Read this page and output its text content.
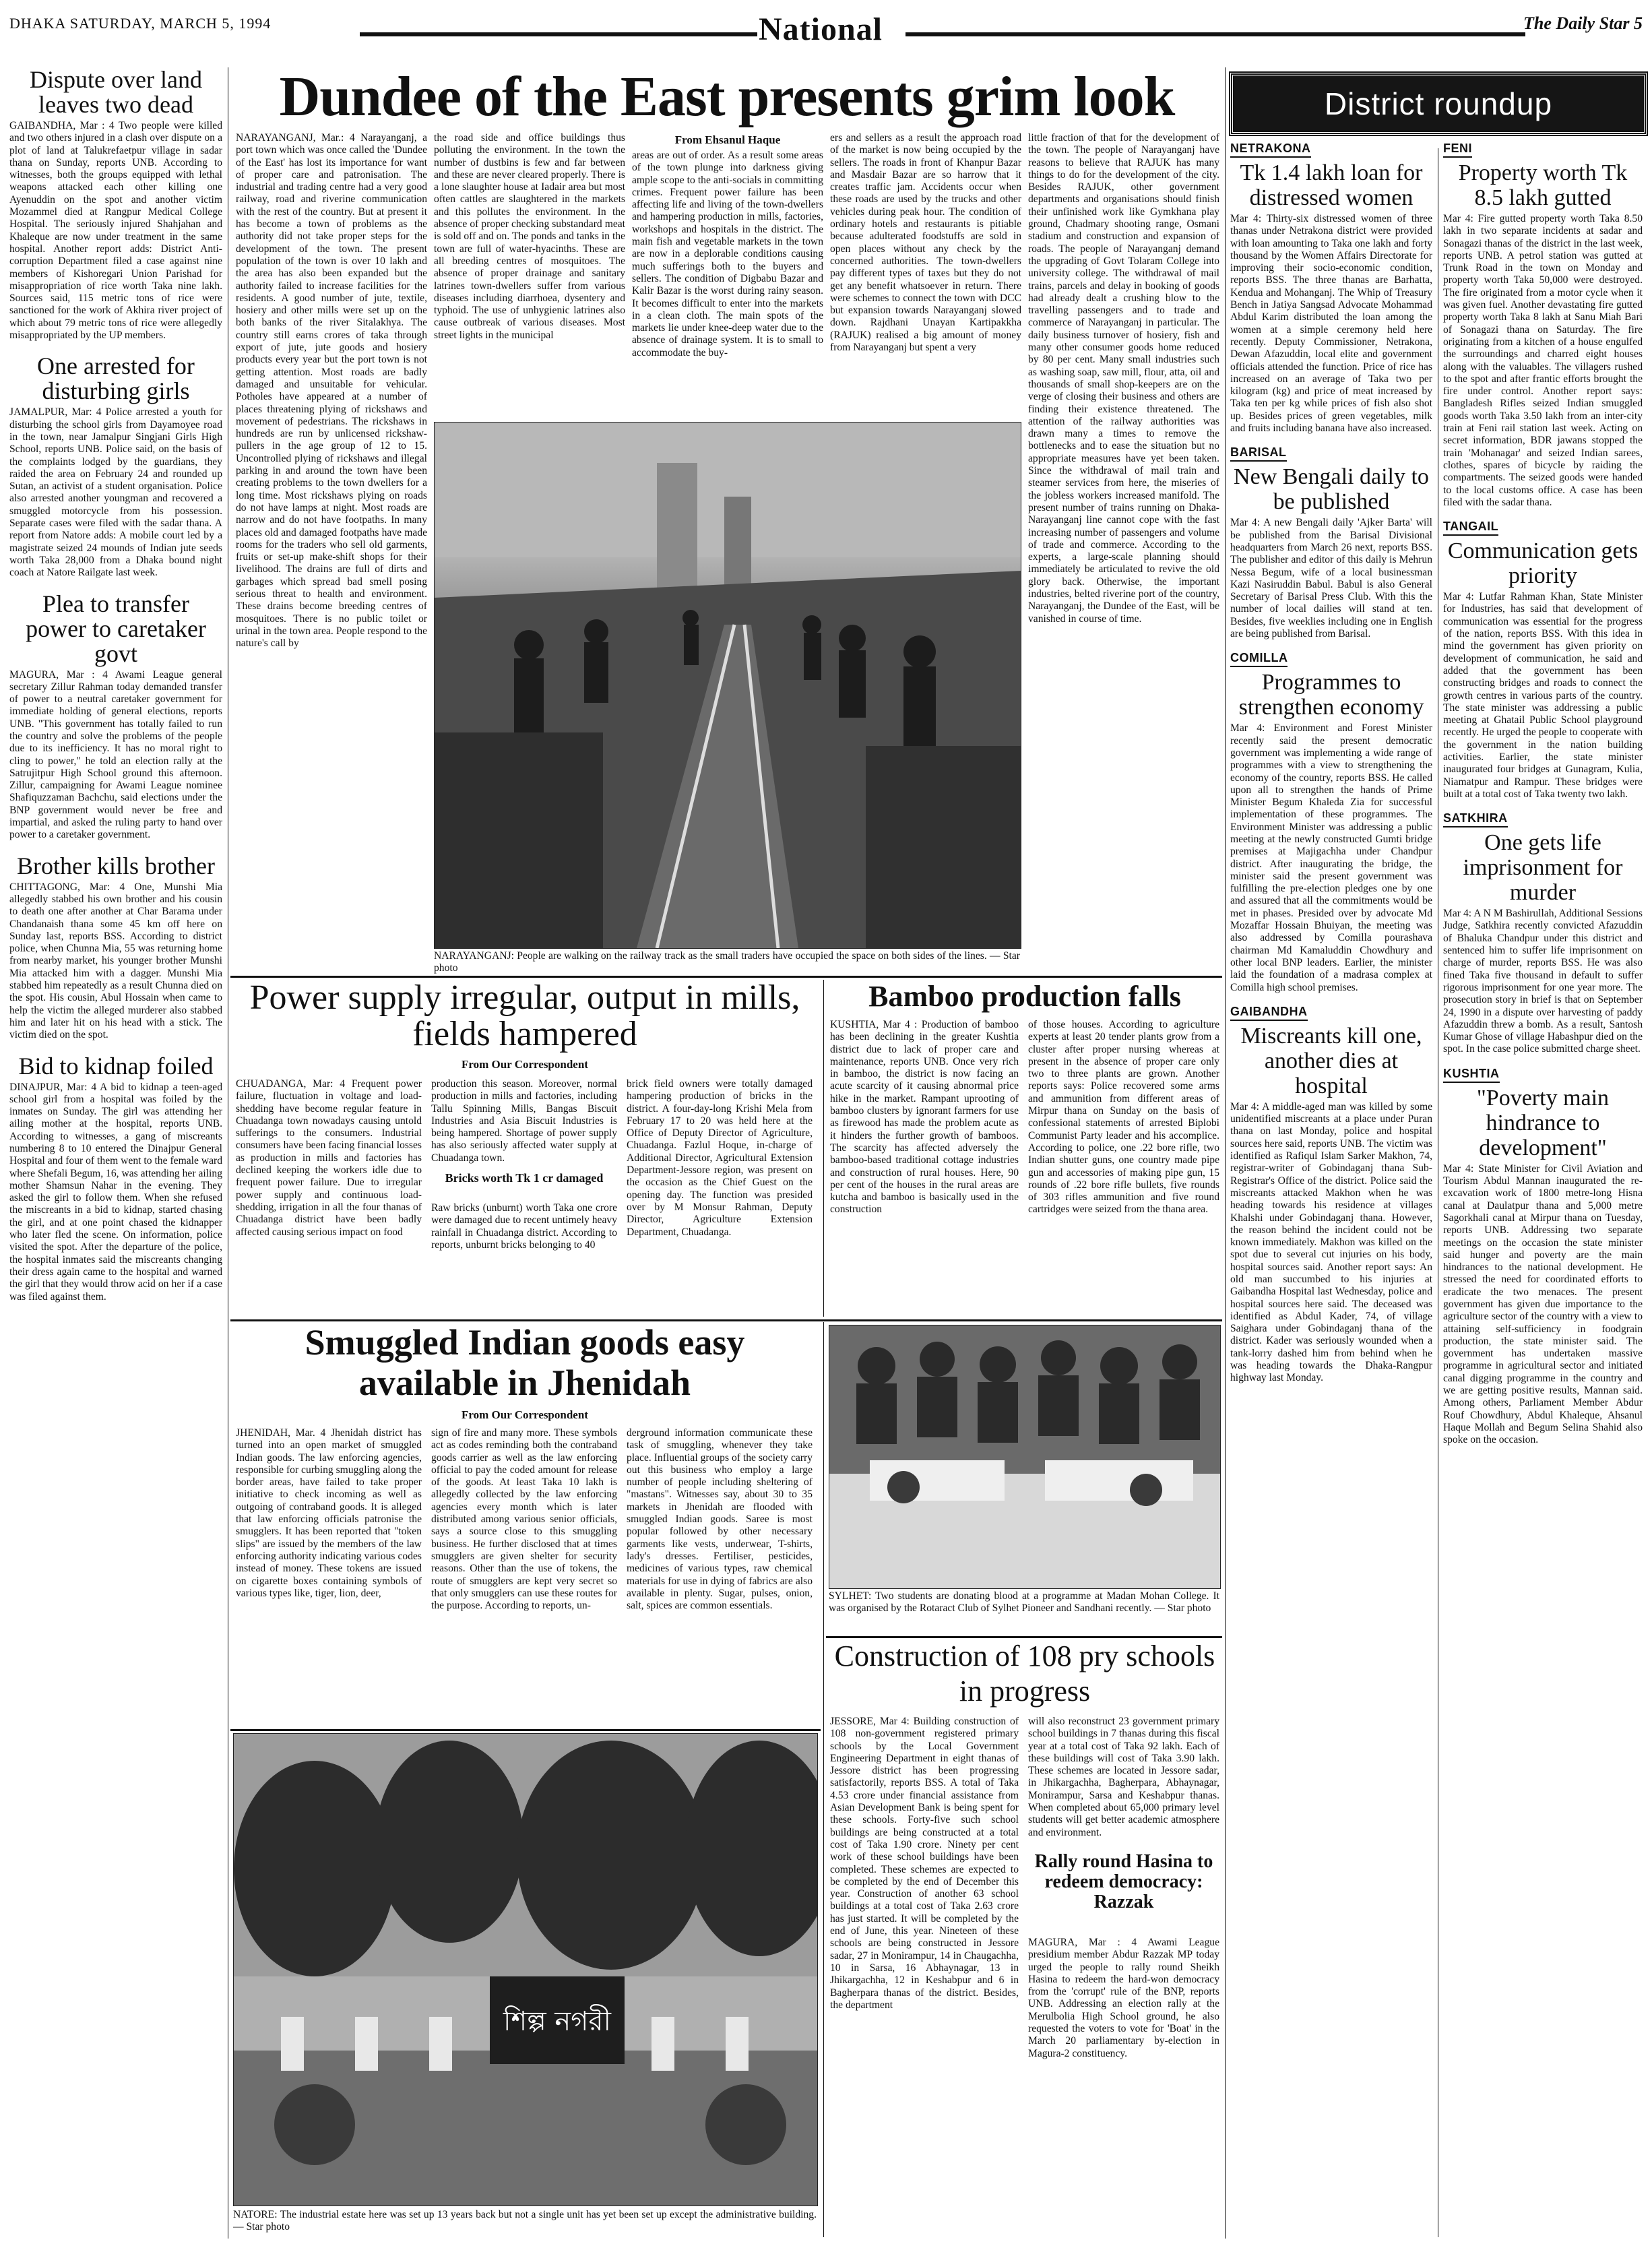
DHAKA SATURDAY, MARCH 5, 1994	National	The Daily Star 5
Dispute over land leaves two dead
GAIBANDHA, Mar : 4 Two people were killed and two others injured in a clash over dispute on a plot of land at Talukrefaetpur village in sadar thana on Sunday, reports UNB. According to witnesses, both the groups equipped with lethal weapons attacked each other killing one Ayenuddin on the spot and another victim Mozammel died at Rangpur Medical College Hospital. The seriously injured Shahjahan and Khaleque are now under treatment in the same hospital. Another report adds: District Anti-corruption Department filed a case against nine members of Kishoregari Union Parishad for misappropriation of rice worth Taka nine lakh. Sources said, 115 metric tons of rice were sanctioned for the work of Akhira river project of which about 79 metric tons of rice were allegedly misappropriated by the UP members.
One arrested for disturbing girls
JAMALPUR, Mar: 4 Police arrested a youth for disturbing the school girls from Dayamoyee road in the town, near Jamalpur Singjani Girls High School, reports UNB. Police said, on the basis of the complaints lodged by the guardians, they raided the area on February 24 and rounded up Sutan, an activist of a student organisation. Police also arrested another youngman and recovered a smuggled motorcycle from his possession. Separate cases were filed with the sadar thana. A report from Natore adds: A mobile court led by a magistrate seized 24 mounds of Indian jute seeds worth Taka 28,000 from a Dhaka bound night coach at Natore Railgate last week.
Plea to transfer power to caretaker govt
MAGURA, Mar : 4 Awami League general secretary Zillur Rahman today demanded transfer of power to a neutral caretaker government for immediate holding of general elections, reports UNB. "This government has totally failed to run the country and solve the problems of the people due to its inefficiency. It has no moral right to cling to power," he told an election rally at the Satrujitpur High School ground this afternoon. Zillur, campaigning for Awami League nominee Shafiquzzaman Bachchu, said elections under the BNP government would never be free and impartial, and asked the ruling party to hand over power to a caretaker government.
Brother kills brother
CHITTAGONG, Mar: 4 One, Munshi Mia allegedly stabbed his own brother and his cousin to death one after another at Char Barama under Chandanaish thana some 45 km off here on Sunday last, reports BSS. According to district police, when Chunna Mia, 55 was returning home from nearby market, his younger brother Munshi Mia attacked him with a dagger. Munshi Mia stabbed him repeatedly as a result Chunna died on the spot. His cousin, Abul Hossain when came to help the victim the alleged murderer also stabbed him and later hit on his head with a stick. The victim died on the spot.
Bid to kidnap foiled
DINAJPUR, Mar: 4 A bid to kidnap a teen-aged school girl from a hospital was foiled by the inmates on Sunday. The girl was attending her ailing mother at the hospital, reports UNB. According to witnesses, a gang of miscreants numbering 8 to 10 entered the Dinajpur General Hospital and four of them went to the female ward where Shefali Begum, 16, was attending her ailing mother Shamsun Nahar in the evening. They asked the girl to follow them. When she refused the miscreants in a bid to kidnap, started chasing the girl, and at one point chased the kidnapper who later fled the scene. On information, police visited the spot. After the departure of the police, the hospital inmates said the miscreants changing their dress again came to the hospital and warned the girl that they would throw acid on her if a case was filed against them.
Dundee of the East presents grim look
NARAYANGANJ, Mar.: 4 Narayanganj, a port town which was once called the 'Dundee of the East' has lost its importance for want of proper care and patronisation. The industrial and trading centre had a very good railway, road and riverine communication with the rest of the country. But at present it has become a town of problems as the authority did not take proper steps for the development of the town. The present population of the town is over 10 lakh and the area has also been expanded but the authority failed to increase facilities for the residents. A good number of jute, textile, hosiery and other mills were set up on the both banks of the river Sitalakhya. The country still earns crores of taka through export of jute, jute goods and hosiery products every year but the port town is not getting attention. Most roads are badly damaged and unsuitable for vehicular. Potholes have appeared at a number of places threatening plying of rickshaws and movement of pedestrians. The rickshaws in hundreds are run by unlicensed rickshaw-pullers in the age group of 12 to 15. Uncontrolled plying of rickshaws and illegal parking in and around the town have been creating problems to the town dwellers for a long time. Most rickshaws plying on roads do not have lamps at night. Most roads are narrow and do not have footpaths. In many places old and damaged footpaths have made rooms for the traders who sell old garments, fruits or set-up make-shift shops for their livelihood. The drains are full of dirts and garbages which spread bad smell posing serious threat to health and environment. These drains become breeding centres of mosquitoes. There is no public toilet or urinal in the town area. People respond to the nature's call by
the road side and office buildings thus polluting the environment. In the town the number of dustbins is few and far between and these are never cleared properly. There is a lone slaughter house at Iadair area but most often cattles are slaughtered in the markets and this pollutes the environment. In the absence of proper checking substandard meat is sold off and on. The ponds and tanks in the town are full of water-hyacinths. These are all breeding centres of mosquitoes. The absence of proper drainage and sanitary latrines town-dwellers suffer from various diseases including diarrhoea, dysentery and typhoid. The use of unhygienic latrines also cause outbreak of various diseases. Most street lights in the municipal
From Ehsanul Haque
areas are out of order. As a result some areas of the town plunge into darkness giving ample scope to the anti-socials in committing crimes. Frequent power failure has been affecting life and living of the town-dwellers and hampering production in mills, factories, workshops and hospitals in the district. The main fish and vegetable markets in the town are now in a deplorable conditions causing much sufferings both to the buyers and sellers. The condition of Digbabu Bazar and Kalir Bazar is the worst during rainy season. It becomes difficult to enter into the markets in a clean cloth. The main spots of the markets lie under knee-deep water due to the absence of drainage system. It is to small to accommodate the buy-
ers and sellers as a result the approach road of the market is now being occupied by the sellers. The roads in front of Khanpur Bazar and Masdair Bazar are so harrow that it creates traffic jam. Accidents occur when these roads are used by the trucks and other vehicles during peak hour. The condition of ordinary hotels and restaurants is pitiable because adulterated foodstuffs are sold in open places without any check by the concerned authorities. The town-dwellers pay different types of taxes but they do not get any benefit whatsoever in return. There were schemes to connect the town with DCC but expansion towards Narayanganj slowed down. Rajdhani Unayan Kartipakkha (RAJUK) realised a big amount of money from Narayanganj but spent a very
little fraction of that for the development of the town. The people of Narayanganj have reasons to believe that RAJUK has many things to do for the development of the city. Besides RAJUK, other government departments and organisations should finish their unfinished work like Gymkhana play ground, Chadmary shooting range, Osmani stadium and construction and expansion of roads. The people of Narayanganj demand the upgrading of Govt Tolaram College into university college. The withdrawal of mail trains, parcels and delay in booking of goods had already dealt a crushing blow to the travelling passengers and to trade and commerce of Narayanganj in particular. The daily business turnover of hosiery, fish and many other consumer goods home reduced by 80 per cent. Many small industries such as washing soap, saw mill, flour, atta, oil and thousands of small shop-keepers are on the verge of closing their business and others are finding their existence threatened. The attention of the railway authorities was drawn many a times to remove the bottlenecks and to ease the situation but no appropriate measures have yet been taken. Since the withdrawal of mail train and steamer services from here, the miseries of the jobless workers increased manifold. The present number of trains running on Dhaka-Narayanganj line cannot cope with the fast increasing number of passengers and volume of trade and commerce. According to the experts, a large-scale planning should immediately be articulated to revive the old glory back. Otherwise, the important industries, belted riverine port of the country, Narayanganj, the Dundee of the East, will be vanished in course of time.
NARAYANGANJ: People are walking on the railway track as the small traders have occupied the space on both sides of the lines. — Star photo
Power supply irregular, output in mills, fields hampered
From Our Correspondent
CHUADANGA, Mar: 4 Frequent power failure, fluctuation in voltage and load-shedding have become regular feature in Chuadanga town nowadays causing untold sufferings to the consumers. Industrial consumers have been facing financial losses as production in mills and factories has declined keeping the workers idle due to frequent power failure. Due to irregular power supply and continuous load-shedding, irrigation in all the four thanas of Chuadanga district have been badly affected causing serious impact on food
production this season. Moreover, normal production in mills and factories, including Tallu Spinning Mills, Bangas Biscuit Industries and Asia Biscuit Industries is being hampered. Shortage of power supply has also seriously affected water supply at Chuadanga town.
Bricks worth Tk 1 cr damaged
Raw bricks (unburnt) worth Taka one crore were damaged due to recent untimely heavy rainfall in Chuadanga district. According to reports, unburnt bricks belonging to 40
brick field owners were totally damaged hampering production of bricks in the district. A four-day-long Krishi Mela from February 17 to 20 was held here at the Office of Deputy Director of Agriculture, Chuadanga. Fazlul Hoque, in-charge of Additional Director, Agricultural Extension Department-Jessore region, was present on the occasion as the Chief Guest on the opening day. The function was presided over by M Monsur Rahman, Deputy Director, Agriculture Extension Department, Chuadanga.
Bamboo production falls
KUSHTIA, Mar 4 : Production of bamboo has been declining in the greater Kushtia district due to lack of proper care and maintenance, reports UNB. Once very rich in bamboo, the district is now facing an acute scarcity of it causing abnormal price hike in the market. Rampant uprooting of bamboo clusters by ignorant farmers for use as firewood has made the problem acute as it hinders the further growth of bamboos. The scarcity has affected adversely the bamboo-based traditional cottage industries and construction of rural houses. Here, 90 per cent of the houses in the rural areas are kutcha and bamboo is basically used in the construction
of those houses. According to agriculture experts at least 20 tender plants grow from a cluster after proper nursing whereas at present in the absence of proper care only two to three plants are grown. Another reports says: Police recovered some arms and ammunition from different areas of Mirpur thana on Sunday on the basis of confessional statements of arrested Biplobi Communist Party leader and his accomplice. According to police, one .22 bore rifle, two Indian shutter guns, one country made pipe gun and accessories of making pipe gun, 15 rounds of .22 bore rifle bullets, five rounds of 303 rifles ammunition and five round cartridges were seized from the thana area.
Smuggled Indian goods easy available in Jhenidah
From Our Correspondent
JHENIDAH, Mar. 4 Jhenidah district has turned into an open market of smuggled Indian goods. The law enforcing agencies, responsible for curbing smuggling along the border areas, have failed to take proper initiative to check incoming as well as outgoing of contraband goods. It is alleged that law enforcing officials patronise the smugglers. It has been reported that "token slips" are issued by the members of the law enforcing authority indicating various codes instead of money. These tokens are issued on cigarette boxes containing symbols of various types like, tiger, lion, deer,
sign of fire and many more. These symbols act as codes reminding both the contraband goods carrier as well as the law enforcing official to pay the coded amount for release of the goods. At least Taka 10 lakh is allegedly collected by the law enforcing agencies every month which is later distributed among various senior officials, says a source close to this smuggling business. He further disclosed that at times smugglers are given shelter for security reasons. Other than the use of tokens, the route of smugglers are kept very secret so that only smugglers can use these routes for the purpose. According to reports, un-
derground information communicate these task of smuggling, whenever they take place. Influential groups of the society carry out this business who employ a large number of people including sheltering of "mastans". Witnesses say, about 30 to 35 markets in Jhenidah are flooded with smuggled Indian goods. Saree is most popular followed by other necessary garments like vests, underwear, T-shirts, lady's dresses. Fertiliser, pesticides, medicines of various types, raw chemical materials for use in dying of fabrics are also available in plenty. Sugar, pulses, onion, salt, spices are common essentials.
SYLHET: Two students are donating blood at a programme at Madan Mohan College. It was organised by the Rotaract Club of Sylhet Pioneer and Sandhani recently. — Star photo
Construction of 108 pry schools in progress
JESSORE, Mar 4: Building construction of 108 non-government registered primary schools by the Local Government Engineering Department in eight thanas of Jessore district has been progressing satisfactorily, reports BSS. A total of Taka 4.53 crore under financial assistance from Asian Development Bank is being spent for these schools. Forty-five such school buildings are being constructed at a total cost of Taka 1.90 crore. Ninety per cent work of these school buildings have been completed. These schemes are expected to be completed by the end of December this year. Construction of another 63 school buildings at a total cost of Taka 2.63 crore has just started. It will be completed by the end of June, this year. Nineteen of these schools are being constructed in Jessore sadar, 27 in Monirampur, 14 in Chaugachha, 10 in Sarsa, 16 Abhaynagar, 13 in Jhikargachha, 12 in Keshabpur and 6 in Bagherpara thanas of the district. Besides, the department
will also reconstruct 23 government primary school buildings in 7 thanas during this fiscal year at a total cost of Taka 92 lakh. Each of these buildings will cost of Taka 3.90 lakh. These schemes are located in Jessore sadar, in Jhikargachha, Bagherpara, Abhaynagar, Monirampur, Sarsa and Keshabpur thanas. When completed about 65,000 primary level students will get better academic atmosphere and environment.
Rally round Hasina to redeem democracy: Razzak
MAGURA, Mar : 4 Awami League presidium member Abdur Razzak MP today urged the people to rally round Sheikh Hasina to redeem the hard-won democracy from the 'corrupt' rule of the BNP, reports UNB. Addressing an election rally at the Merulbolia High School ground, he also requested the voters to vote for 'Boat' in the March 20 parliamentary by-election in Magura-2 constituency.
শিল্প নগরী
NATORE: The industrial estate here was set up 13 years back but not a single unit has yet been set up except the administrative building. — Star photo
District roundup
NETRAKONA
Tk 1.4 lakh loan for distressed women
Mar 4: Thirty-six distressed women of three thanas under Netrakona district were provided with loan amounting to Taka one lakh and forty thousand by the Women Affairs Directorate for improving their socio-economic condition, reports BSS. The three thanas are Barhatta, Kendua and Mohanganj. The Whip of Treasury Bench in Jatiya Sangsad Advocate Mohammad Abdul Karim distributed the loan among the women at a simple ceremony held here recently. Deputy Commissioner, Netrakona, Dewan Afazuddin, local elite and government officials attended the function. Price of rice has increased on an average of Taka two per kilogram (kg) and price of meat increased by Taka ten per kg while prices of fish also shot up. Besides prices of green vegetables, milk and fruits including banana have also increased.
BARISAL
New Bengali daily to be published
Mar 4: A new Bengali daily 'Ajker Barta' will be published from the Barisal Divisional headquarters from March 26 next, reports BSS. The publisher and editor of this daily is Mehrun Nessa Begum, wife of a local businessman Kazi Nasiruddin Babul. Babul is also General Secretary of Barisal Press Club. With this the number of local dailies will stand at ten. Besides, five weeklies including one in English are being published from Barisal.
COMILLA
Programmes to strengthen economy
Mar 4: Environment and Forest Minister recently said the present democratic government was implementing a wide range of programmes with a view to strengthening the economy of the country, reports BSS. He called upon all to strengthen the hands of Prime Minister Begum Khaleda Zia for successful implementation of these programmes. The Environment Minister was addressing a public meeting at the newly constructed Gumti bridge premises at Majigachha under Chandpur district. After inaugurating the bridge, the minister said the present government was fulfilling the pre-election pledges one by one and assured that all the commitments would be met in phases. Presided over by advocate Md Mozaffar Hossain Bhuiyan, the meeting was also addressed by Comilla pourashava chairman Md Kamaluddin Chowdhury and other local BNP leaders. Earlier, the minister laid the foundation of a madrasa complex at Comilla high school premises.
GAIBANDHA
Miscreants kill one, another dies at hospital
Mar 4: A middle-aged man was killed by some unidentified miscreants at a place under Puran thana on last Monday, police and hospital sources here said, reports UNB. The victim was identified as Rafiqul Islam Sarker Makhon, 74, registrar-writer of Gobindaganj thana Sub-Registrar's Office of the district. Police said the miscreants attacked Makhon when he was heading towards his residence at villages Khalshi under Gobindaganj thana. However, the reason behind the incident could not be known immediately. Makhon was killed on the spot due to several cut injuries on his body, hospital sources said. Another report says: An old man succumbed to his injuries at Gaibandha Hospital last Wednesday, police and hospital sources here said. The deceased was identified as Abdul Kader, 74, of village Saighara under Gobindaganj thana of the district. Kader was seriously wounded when a tank-lorry dashed him from behind when he was heading towards the Dhaka-Rangpur highway last Monday.
FENI
Property worth Tk 8.5 lakh gutted
Mar 4: Fire gutted property worth Taka 8.50 lakh in two separate incidents at sadar and Sonagazi thanas of the district in the last week, reports UNB. A petrol station was gutted at Trunk Road in the town on Monday and property worth Taka 50,000 were destroyed. The fire originated from a motor cycle when it was given fuel. Another devastating fire gutted property worth Taka 8 lakh at Sanu Miah Bari of Sonagazi thana on Saturday. The fire originating from a kitchen of a house engulfed the surroundings and charred eight houses along with the valuables. The villagers rushed to the spot and after frantic efforts brought the fire under control. Another report says: Bangladesh Rifles seized Indian smuggled goods worth Taka 3.50 lakh from an inter-city train at Feni rail station last week. Acting on secret information, BDR jawans stopped the train 'Mohanagar' and seized Indian sarees, clothes, spares of bicycle by raiding the compartments. The seized goods were handed to the local customs office. A case has been filed with the sadar thana.
TANGAIL
Communication gets priority
Mar 4: Lutfar Rahman Khan, State Minister for Industries, has said that development of communication was essential for the progress of the nation, reports BSS. With this idea in mind the government has given priority on development of communication, he said and added that the government has been constructing bridges and roads to connect the growth centres in various parts of the country. The state minister was addressing a public meeting at Ghatail Public School playground recently. He urged the people to cooperate with the government in the nation building activities. Earlier, the state minister inaugurated four bridges at Gunagram, Kulia, Niamatpur and Rampur. These bridges were built at a total cost of Taka twenty two lakh.
SATKHIRA
One gets life imprisonment for murder
Mar 4: A N M Bashirullah, Additional Sessions Judge, Satkhira recently convicted Afazuddin of Bhaluka Chandpur under this district and sentenced him to suffer life imprisonment on charge of murder, reports BSS. He was also fined Taka five thousand in default to suffer rigorous imprisonment for one year more. The prosecution story in brief is that on September 24, 1990 in a dispute over harvesting of paddy Afazuddin threw a bomb. As a result, Santosh Kumar Ghose of village Habashpur died on the spot. In the case police submitted charge sheet.
KUSHTIA
"Poverty main hindrance to development"
Mar 4: State Minister for Civil Aviation and Tourism Abdul Mannan inaugurated the re-excavation work of 1800 metre-long Hisna canal at Daulatpur thana and 5,000 metre Sagorkhali canal at Mirpur thana on Tuesday, reports UNB. Addressing two separate meetings on the occasion the state minister said hunger and poverty are the main hindrances to the national development. He stressed the need for coordinated efforts to eradicate the two menaces. The present government has given due importance to the agriculture sector of the country with a view to attaining self-sufficiency in foodgrain production, the state minister said. The government has undertaken massive programme in agricultural sector and initiated canal digging programme in the country and we are getting positive results, Mannan said. Among others, Parliament Member Abdur Rouf Chowdhury, Abdul Khaleque, Ahsanul Haque Mollah and Begum Selina Shahid also spoke on the occasion.
